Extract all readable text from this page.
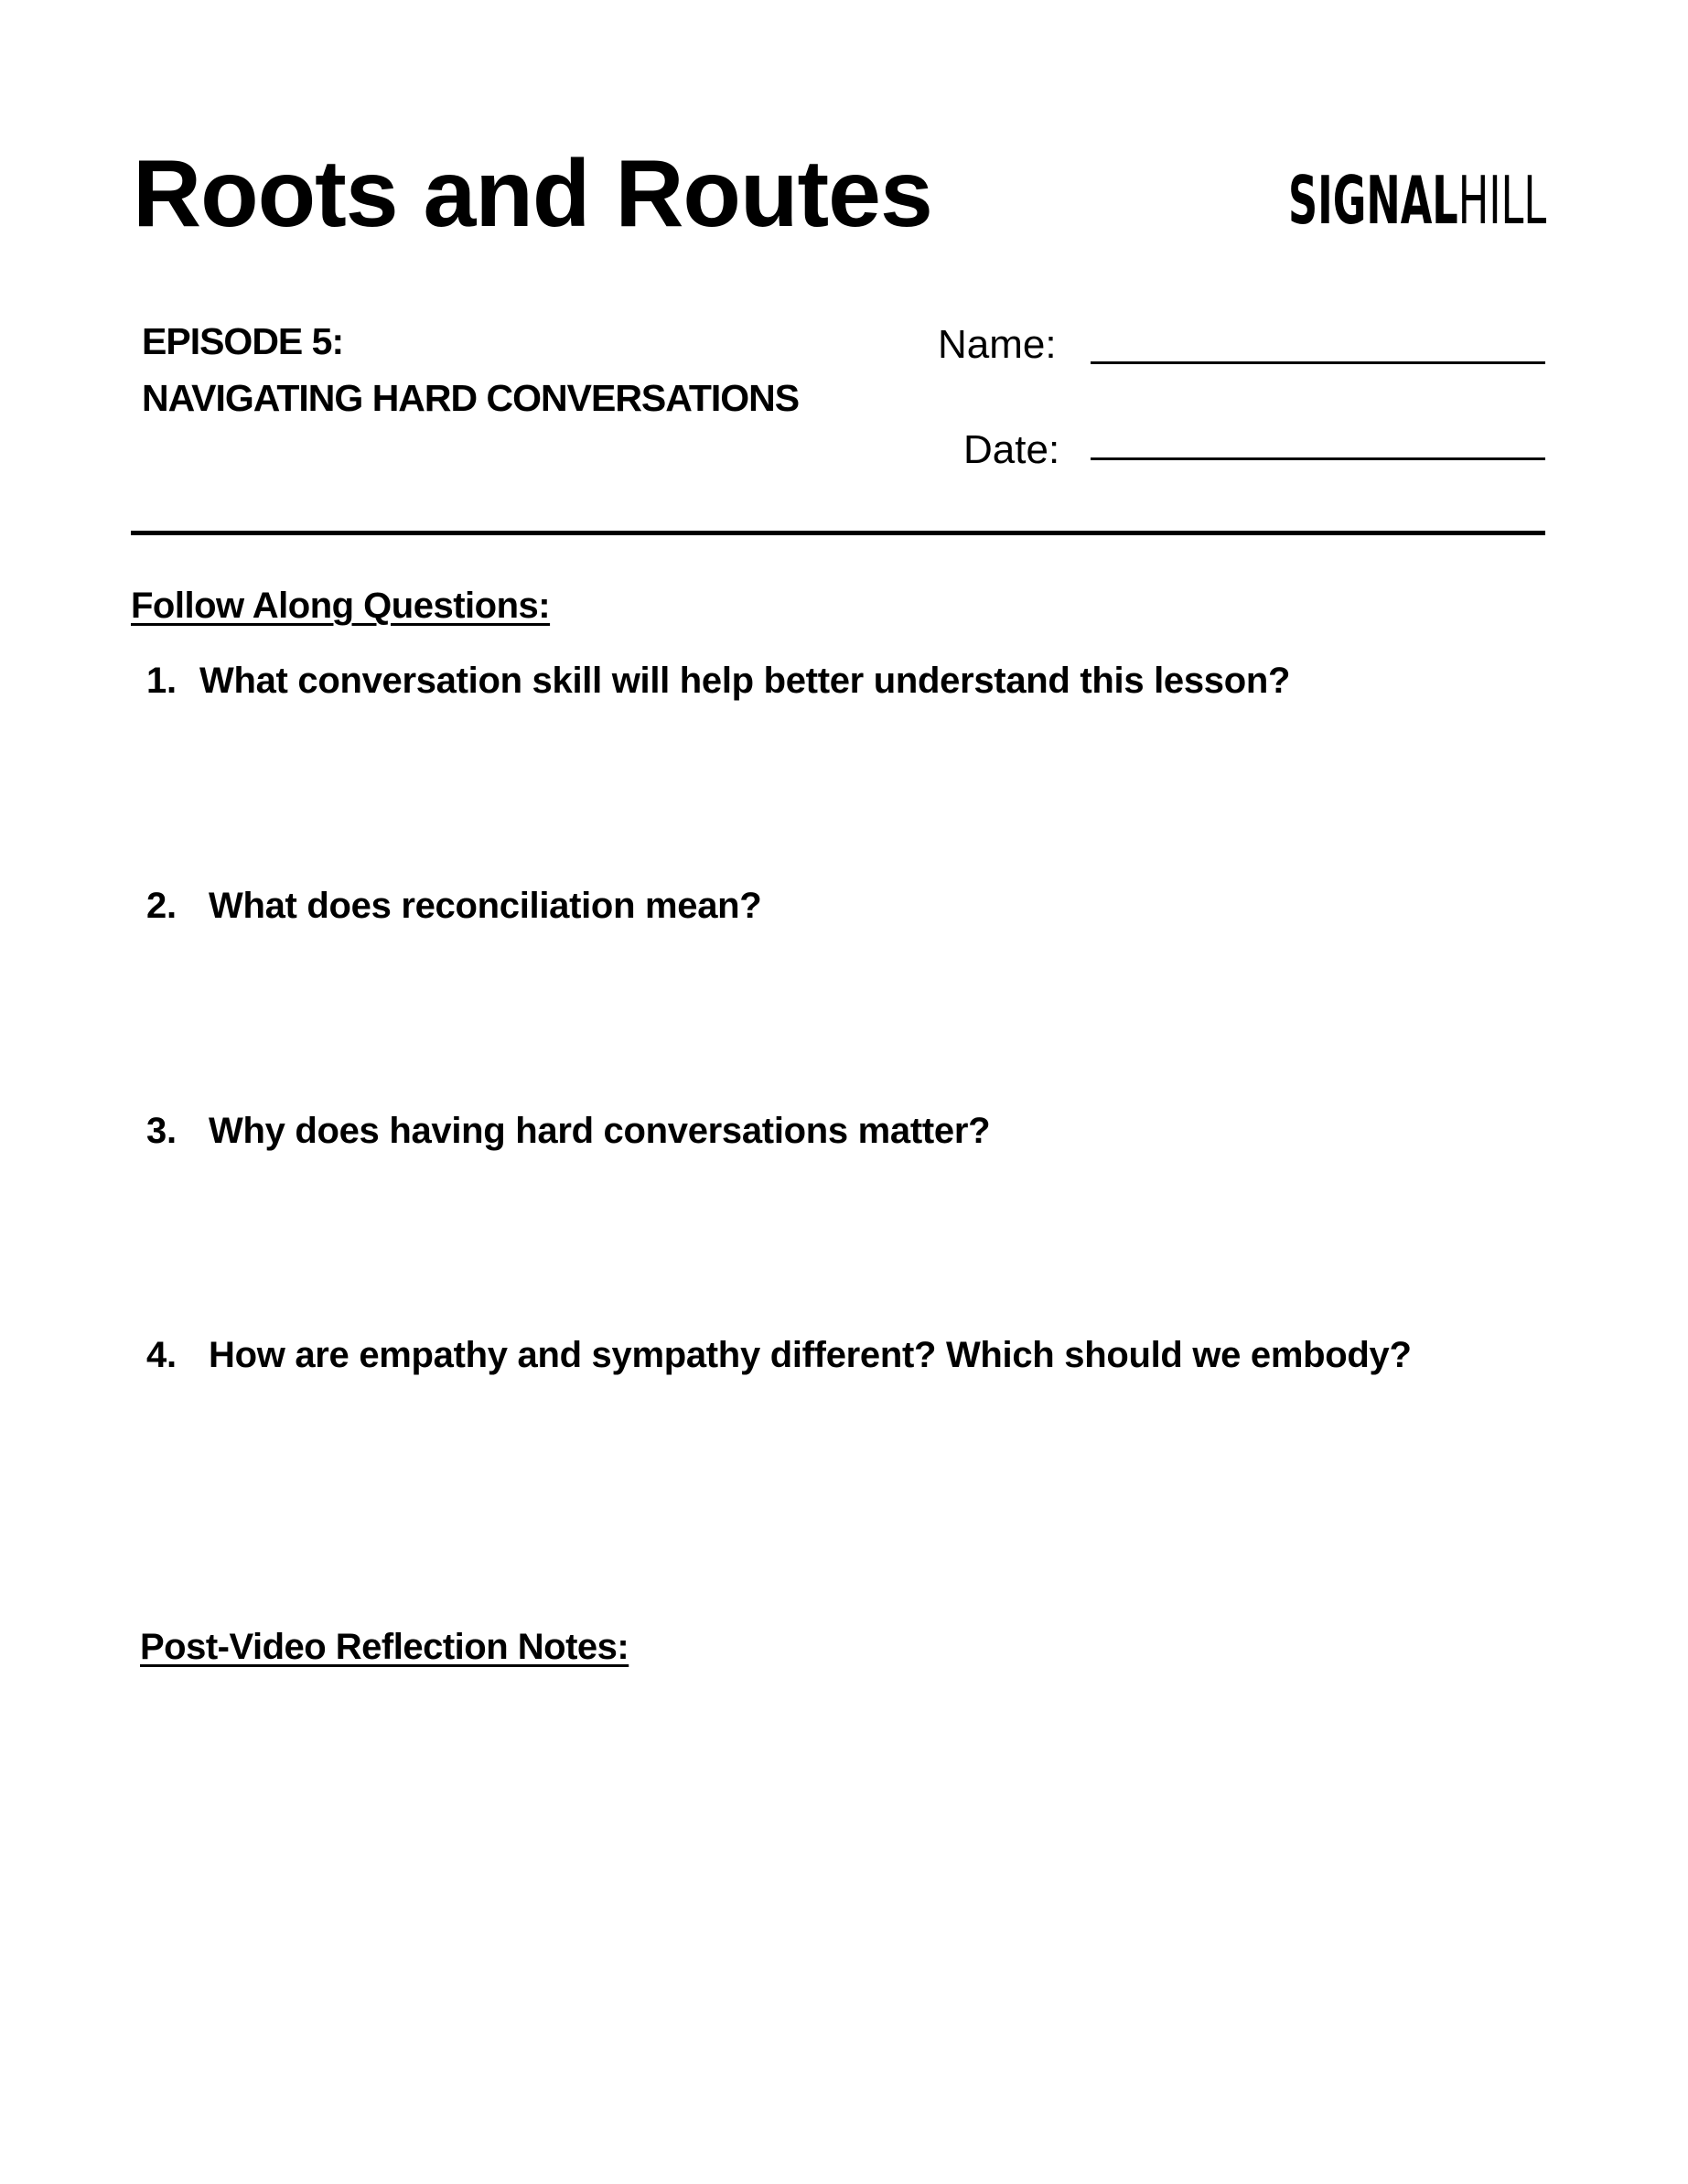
Roots and Routes	SIGNALHILL
EPISODE 5:
NAVIGATING HARD CONVERSATIONS
Name:
Date:
Follow Along Questions:
1. What conversation skill will help better understand this lesson?
2. What does reconciliation mean?
3. Why does having hard conversations matter?
4. How are empathy and sympathy different? Which should we embody?
Post-Video Reflection Notes:
